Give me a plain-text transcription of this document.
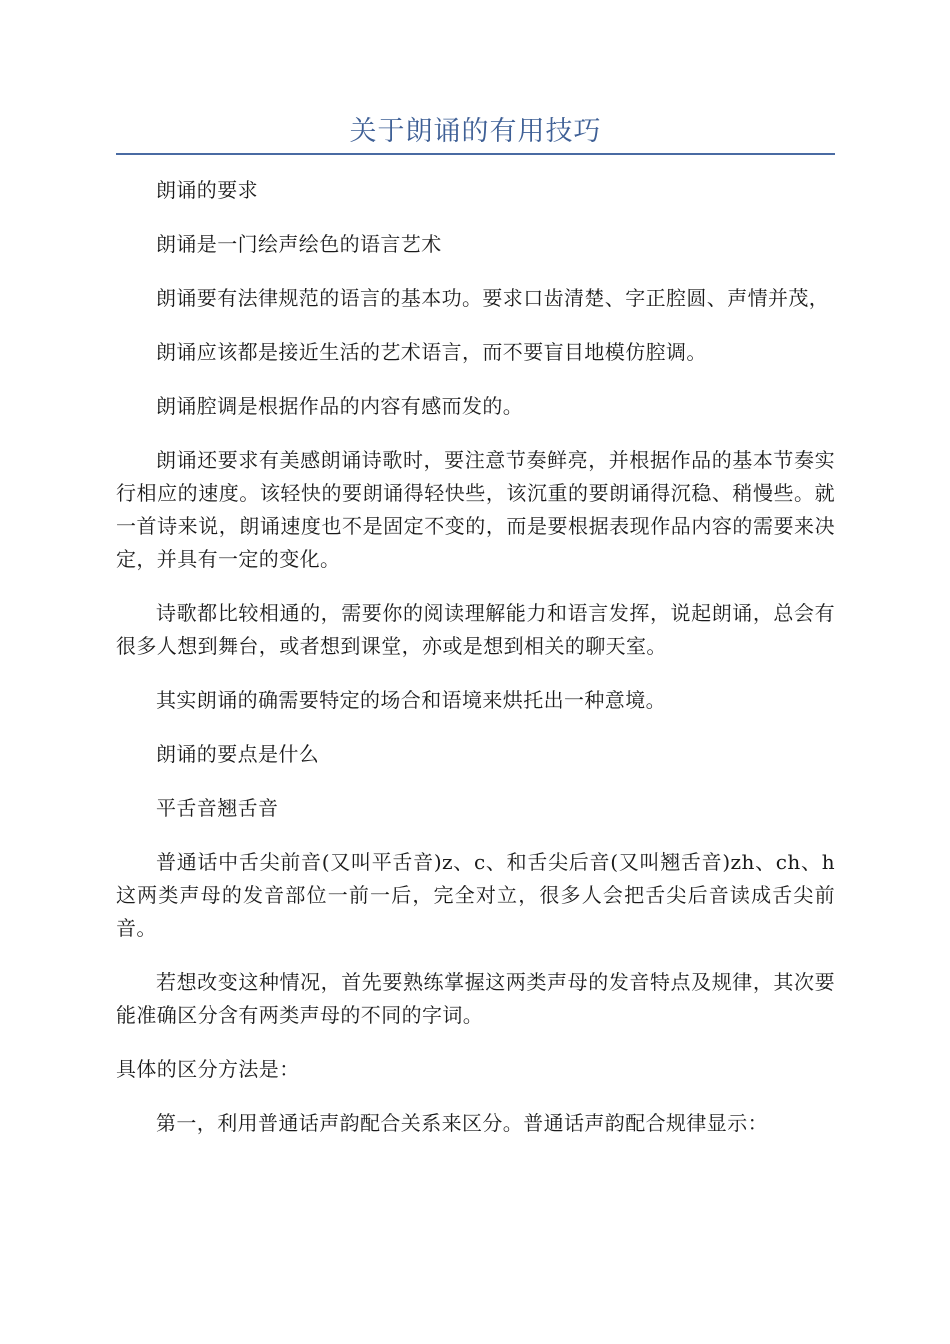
关于朗诵的有用技巧

朗诵的要求

朗诵是一门绘声绘色的语言艺术

朗诵要有法律规范的语言的基本功。要求口齿清楚、字正腔圆、声情并茂，

朗诵应该都是接近生活的艺术语言，而不要盲目地模仿腔调。

朗诵腔调是根据作品的内容有感而发的。

朗诵还要求有美感朗诵诗歌时，要注意节奏鲜亮，并根据作品的基本节奏实行相应的速度。该轻快的要朗诵得轻快些，该沉重的要朗诵得沉稳、稍慢些。就一首诗来说，朗诵速度也不是固定不变的，而是要根据表现作品内容的需要来决定，并具有一定的变化。

诗歌都比较相通的，需要你的阅读理解能力和语言发挥，说起朗诵，总会有很多人想到舞台，或者想到课堂，亦或是想到相关的聊天室。

其实朗诵的确需要特定的场合和语境来烘托出一种意境。

朗诵的要点是什么

平舌音翘舌音

普通话中舌尖前音(又叫平舌音)z、c、和舌尖后音(又叫翘舌音)zh、ch、h这两类声母的发音部位一前一后，完全对立，很多人会把舌尖后音读成舌尖前音。

若想改变这种情况，首先要熟练掌握这两类声母的发音特点及规律，其次要能准确区分含有两类声母的不同的字词。

具体的区分方法是：

第一，利用普通话声韵配合关系来区分。普通话声韵配合规律显示：
